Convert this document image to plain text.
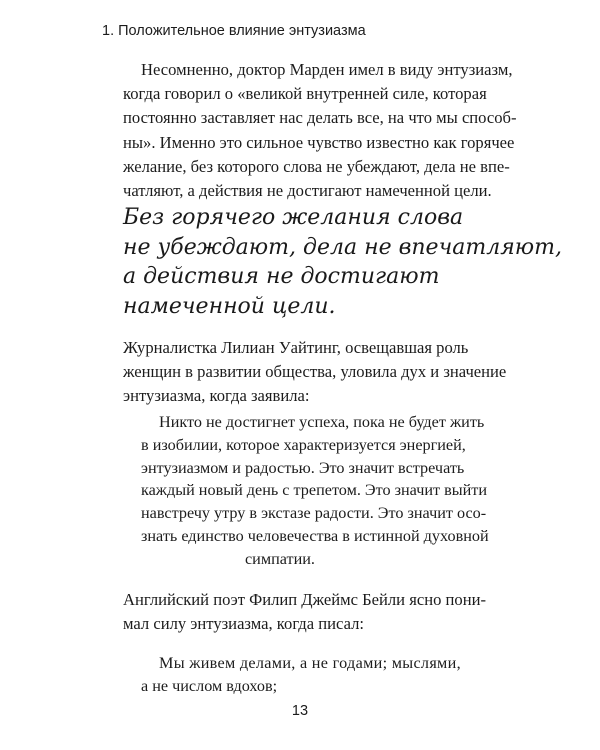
1. Положительное влияние энтузиазма
Несомненно, доктор Марден имел в виду энтузиазм,
когда говорил о «великой внутренней силе, которая
постоянно заставляет нас делать все, на что мы способ-
ны». Именно это сильное чувство известно как горячее
желание, без которого слова не убеждают, дела не впе-
чатляют, а действия не достигают намеченной цели.
Без горячего желания слова
не убеждают, дела не впечатляют,
а действия не достигают
намеченной цели.
Журналистка Лилиан Уайтинг, освещавшая роль
женщин в развитии общества, уловила дух и значение
энтузиазма, когда заявила:
Никто не достигнет успеха, пока не будет жить
в изобилии, которое характеризуется энергией,
энтузиазмом и радостью. Это значит встречать
каждый новый день с трепетом. Это значит выйти
навстречу утру в экстазе радости. Это значит осо-
знать единство человечества в истинной духовной
симпатии.
Английский поэт Филип Джеймс Бейли ясно пони-
мал силу энтузиазма, когда писал:
Мы живем делами, а не годами; мыслями,
а не числом вдохов;
13
